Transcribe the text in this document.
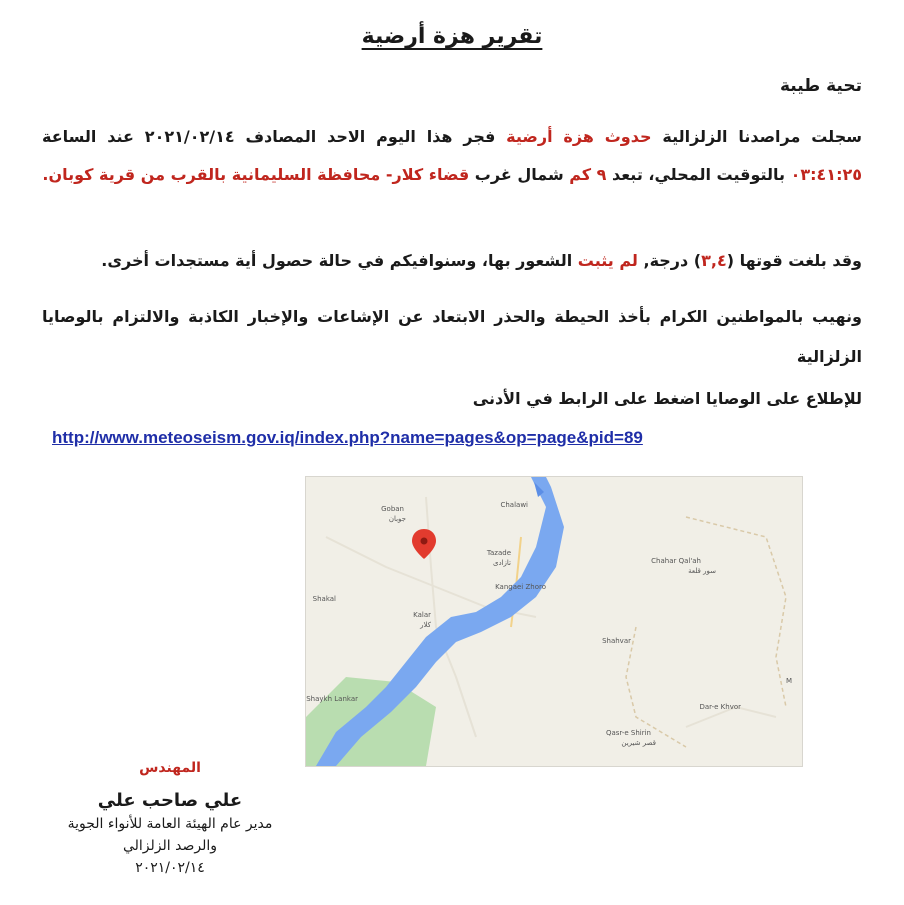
تقرير هزة أرضية
تحية طيبة
سجلت مراصدنا الزلزالية حدوث هزة أرضية فجر هذا اليوم الاحد المصادف ٢٠٢١/٠٢/١٤ عند الساعة ٠٣:٤١:٢٥ بالتوقيت المحلي، تبعد ٩ كم شمال غرب قضاء كلار- محافظة السليمانية بالقرب من قرية كوبان.
وقد بلغت قوتها (٣,٤) درجة, لم يثبت الشعور بها، وسنوافيكم في حالة حصول أية مستجدات أخرى.
ونهيب بالمواطنين الكرام بأخذ الحيطة والحذر الابتعاد عن الإشاعات والإخبار الكاذبة والالتزام بالوصايا الزلزالية
للإطلاع على الوصايا اضغط على الرابط في الأدنى
http://www.meteoseism.gov.iq/index.php?name=pages&op=page&pid=89
Goban
جوبان
Chalawi
Tazade
تازادى	Chahar Qal'ah
سور قلعة
Kangaei Zhoro
Shakal
Kalar
كلار
Shahvar
Shaykh Lankar
Qasr-e Shirin
قصر شيرين
Dar-e Khvor
M
المهندس
علي صاحب علي
مدير عام الهيئة العامة للأنواء الجوية
والرصد الزلزالي
٢٠٢١/٠٢/١٤
